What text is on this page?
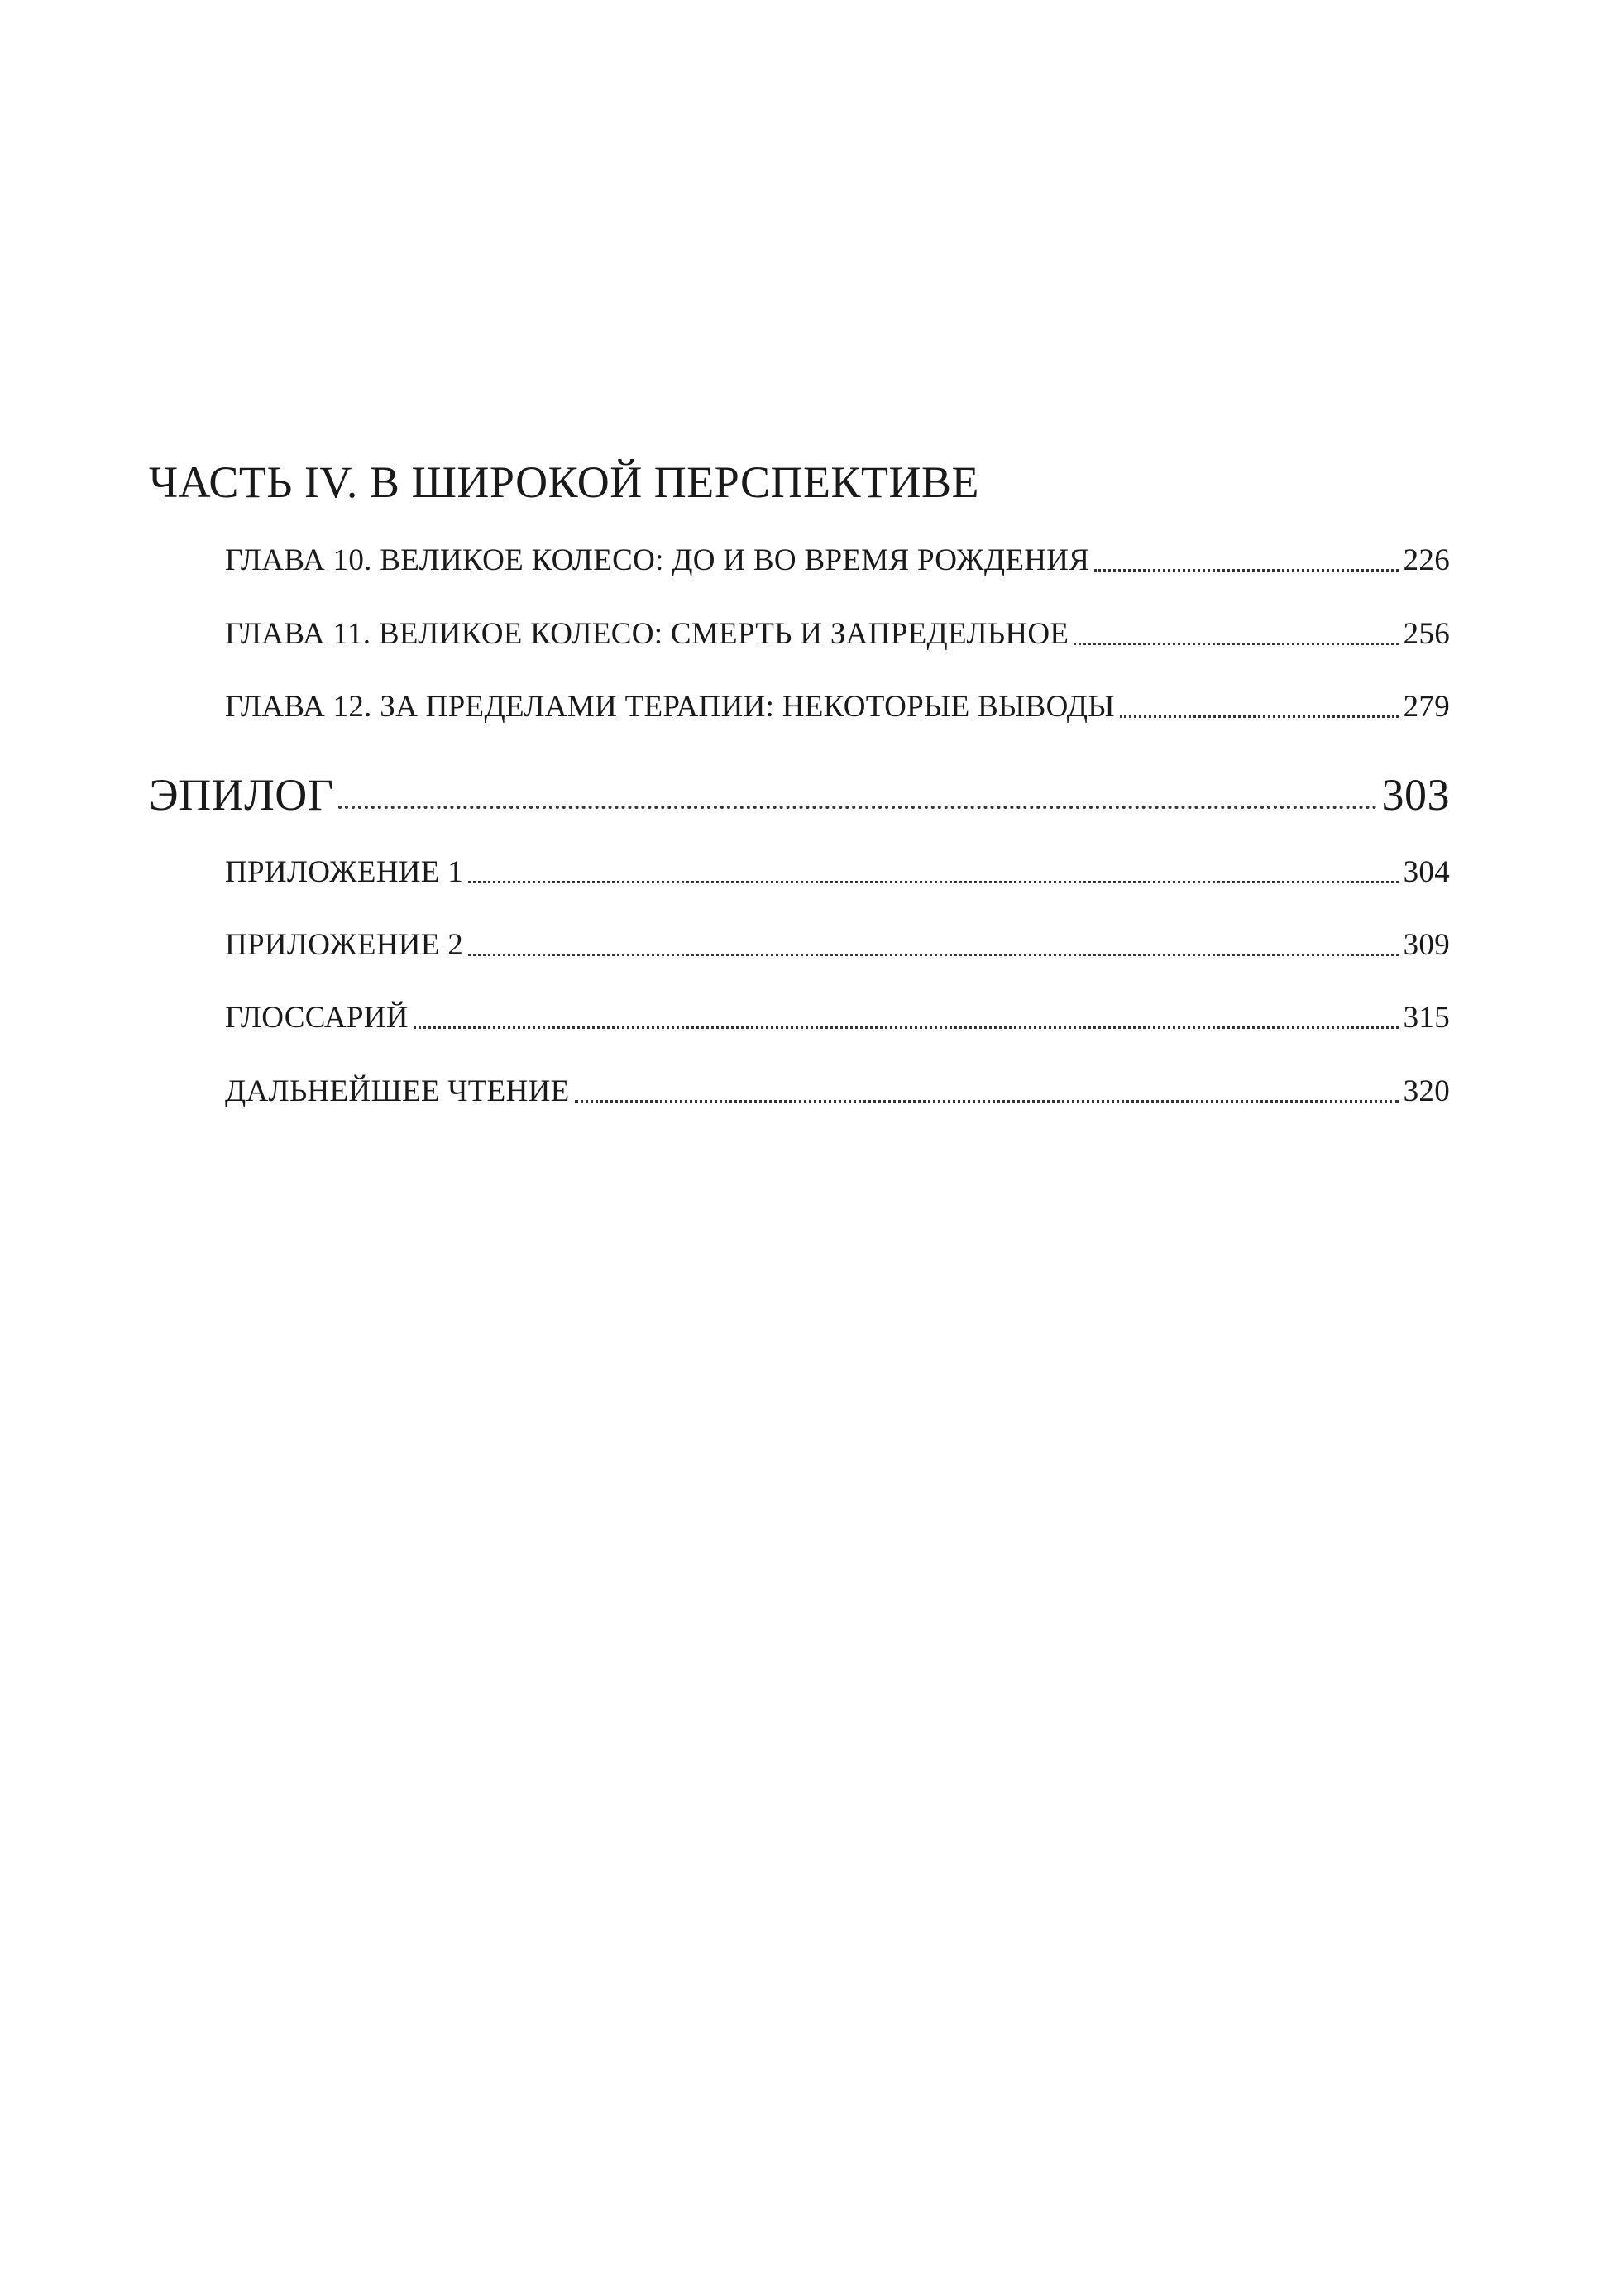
ЧАСТЬ IV. В ШИРОКОЙ ПЕРСПЕКТИВЕ
ГЛАВА 10. ВЕЛИКОЕ КОЛЕСО: ДО И ВО ВРЕМЯ РОЖДЕНИЯ	226
ГЛАВА 11. ВЕЛИКОЕ КОЛЕСО: СМЕРТЬ И ЗАПРЕДЕЛЬНОЕ	256
ГЛАВА 12. ЗА ПРЕДЕЛАМИ ТЕРАПИИ: НЕКОТОРЫЕ ВЫВОДЫ	279
ЭПИЛОГ	303
ПРИЛОЖЕНИЕ 1	304
ПРИЛОЖЕНИЕ 2	309
ГЛОССАРИЙ	315
ДАЛЬНЕЙШЕЕ ЧТЕНИЕ	320
